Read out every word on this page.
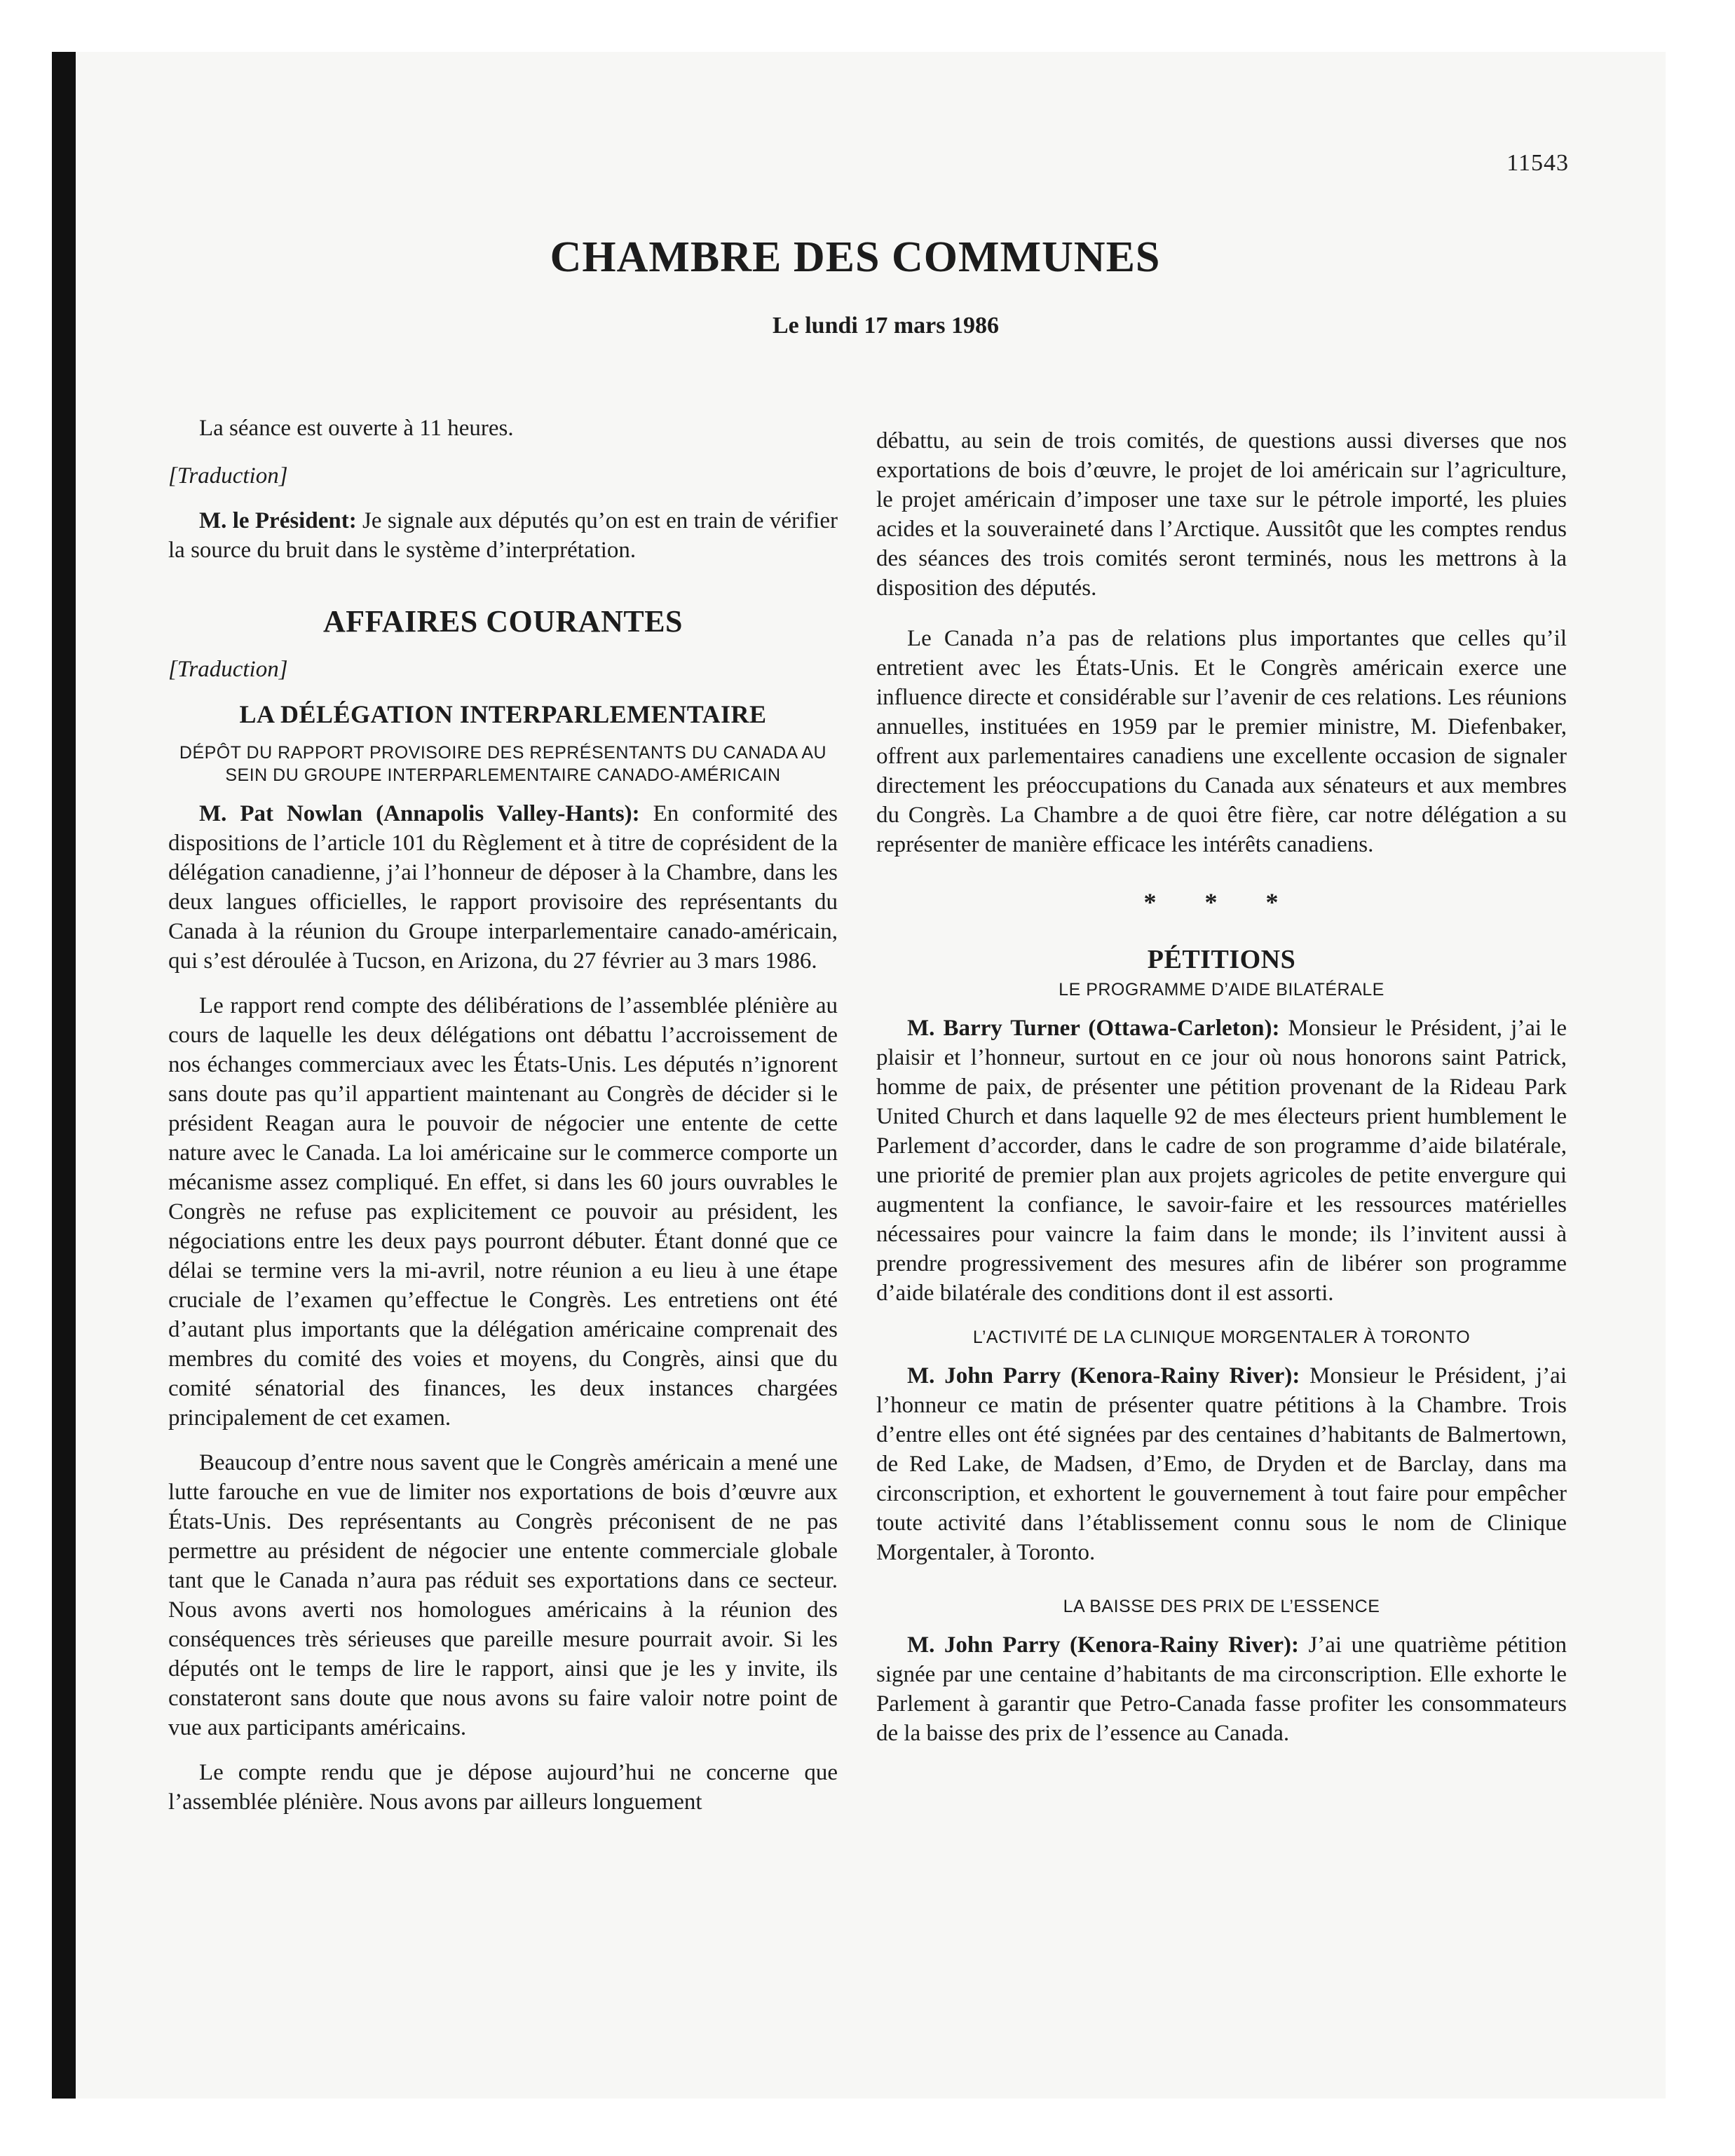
11543
CHAMBRE DES COMMUNES
Le lundi 17 mars 1986

La séance est ouverte à 11 heures.

[Traduction]

M. le Président: Je signale aux députés qu’on est en train de vérifier la source du bruit dans le système d’interprétation.

AFFAIRES COURANTES

[Traduction]

LA DÉLÉGATION INTERPARLEMENTAIRE
DÉPÔT DU RAPPORT PROVISOIRE DES REPRÉSENTANTS DU CANADA AU SEIN DU GROUPE INTERPARLEMENTAIRE CANADO-AMÉRICAIN

M. Pat Nowlan (Annapolis Valley-Hants): En conformité des dispositions de l’article 101 du Règlement et à titre de coprésident de la délégation canadienne, j’ai l’honneur de déposer à la Chambre, dans les deux langues officielles, le rapport provisoire des représentants du Canada à la réunion du Groupe interparlementaire canado-américain, qui s’est déroulée à Tucson, en Arizona, du 27 février au 3 mars 1986.

Le rapport rend compte des délibérations de l’assemblée plénière au cours de laquelle les deux délégations ont débattu l’accroissement de nos échanges commerciaux avec les États-Unis. Les députés n’ignorent sans doute pas qu’il appartient maintenant au Congrès de décider si le président Reagan aura le pouvoir de négocier une entente de cette nature avec le Canada. La loi américaine sur le commerce comporte un mécanisme assez compliqué. En effet, si dans les 60 jours ouvrables le Congrès ne refuse pas explicitement ce pouvoir au président, les négociations entre les deux pays pourront débuter. Étant donné que ce délai se termine vers la mi-avril, notre réunion a eu lieu à une étape cruciale de l’examen qu’effectue le Congrès. Les entretiens ont été d’autant plus importants que la délégation américaine comprenait des membres du comité des voies et moyens, du Congrès, ainsi que du comité sénatorial des finances, les deux instances chargées principalement de cet examen.

Beaucoup d’entre nous savent que le Congrès américain a mené une lutte farouche en vue de limiter nos exportations de bois d’œuvre aux États-Unis. Des représentants au Congrès préconisent de ne pas permettre au président de négocier une entente commerciale globale tant que le Canada n’aura pas réduit ses exportations dans ce secteur. Nous avons averti nos homologues américains à la réunion des conséquences très sérieuses que pareille mesure pourrait avoir. Si les députés ont le temps de lire le rapport, ainsi que je les y invite, ils constateront sans doute que nous avons su faire valoir notre point de vue aux participants américains.

Le compte rendu que je dépose aujourd’hui ne concerne que l’assemblée plénière. Nous avons par ailleurs longuement

débattu, au sein de trois comités, de questions aussi diverses que nos exportations de bois d’œuvre, le projet de loi américain sur l’agriculture, le projet américain d’imposer une taxe sur le pétrole importé, les pluies acides et la souveraineté dans l’Arctique. Aussitôt que les comptes rendus des séances des trois comités seront terminés, nous les mettrons à la disposition des députés.

Le Canada n’a pas de relations plus importantes que celles qu’il entretient avec les États-Unis. Et le Congrès américain exerce une influence directe et considérable sur l’avenir de ces relations. Les réunions annuelles, instituées en 1959 par le premier ministre, M. Diefenbaker, offrent aux parlementaires canadiens une excellente occasion de signaler directement les préoccupations du Canada aux sénateurs et aux membres du Congrès. La Chambre a de quoi être fière, car notre délégation a su représenter de manière efficace les intérêts canadiens.

* * *
PÉTITIONS
LE PROGRAMME D’AIDE BILATÉRALE

M. Barry Turner (Ottawa-Carleton): Monsieur le Président, j’ai le plaisir et l’honneur, surtout en ce jour où nous honorons saint Patrick, homme de paix, de présenter une pétition provenant de la Rideau Park United Church et dans laquelle 92 de mes électeurs prient humblement le Parlement d’accorder, dans le cadre de son programme d’aide bilatérale, une priorité de premier plan aux projets agricoles de petite envergure qui augmentent la confiance, le savoir-faire et les ressources matérielles nécessaires pour vaincre la faim dans le monde; ils l’invitent aussi à prendre progressivement des mesures afin de libérer son programme d’aide bilatérale des conditions dont il est assorti.

L’ACTIVITÉ DE LA CLINIQUE MORGENTALER À TORONTO

M. John Parry (Kenora-Rainy River): Monsieur le Président, j’ai l’honneur ce matin de présenter quatre pétitions à la Chambre. Trois d’entre elles ont été signées par des centaines d’habitants de Balmertown, de Red Lake, de Madsen, d’Emo, de Dryden et de Barclay, dans ma circonscription, et exhortent le gouvernement à tout faire pour empêcher toute activité dans l’établissement connu sous le nom de Clinique Morgentaler, à Toronto.

LA BAISSE DES PRIX DE L’ESSENCE

M. John Parry (Kenora-Rainy River): J’ai une quatrième pétition signée par une centaine d’habitants de ma circonscription. Elle exhorte le Parlement à garantir que Petro-Canada fasse profiter les consommateurs de la baisse des prix de l’essence au Canada.
